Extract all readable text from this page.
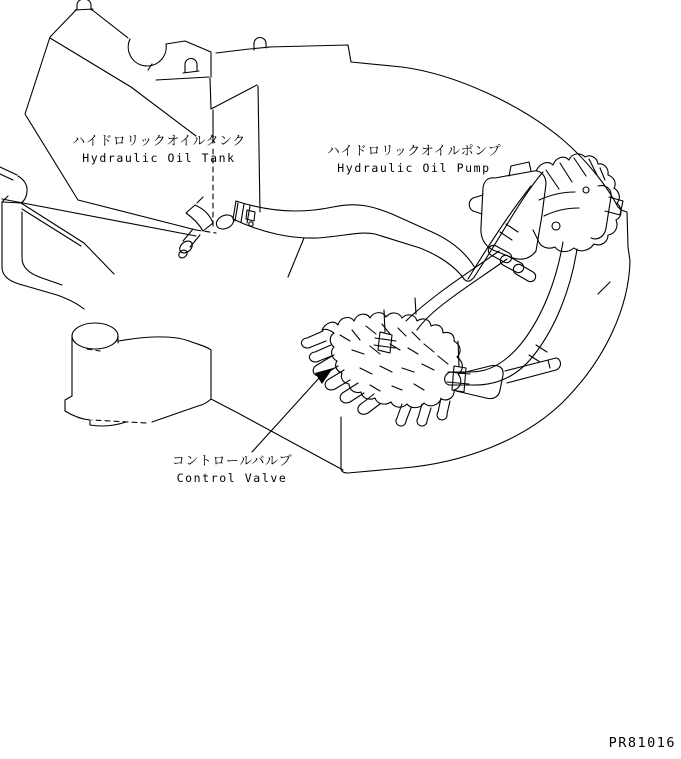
ハイドロリックオイルタンク
Hydraulic Oil Tank	ハイドロリックオイルポンプ
Hydraulic Oil Pump
コントロールバルブ
Control Valve
PR81016
